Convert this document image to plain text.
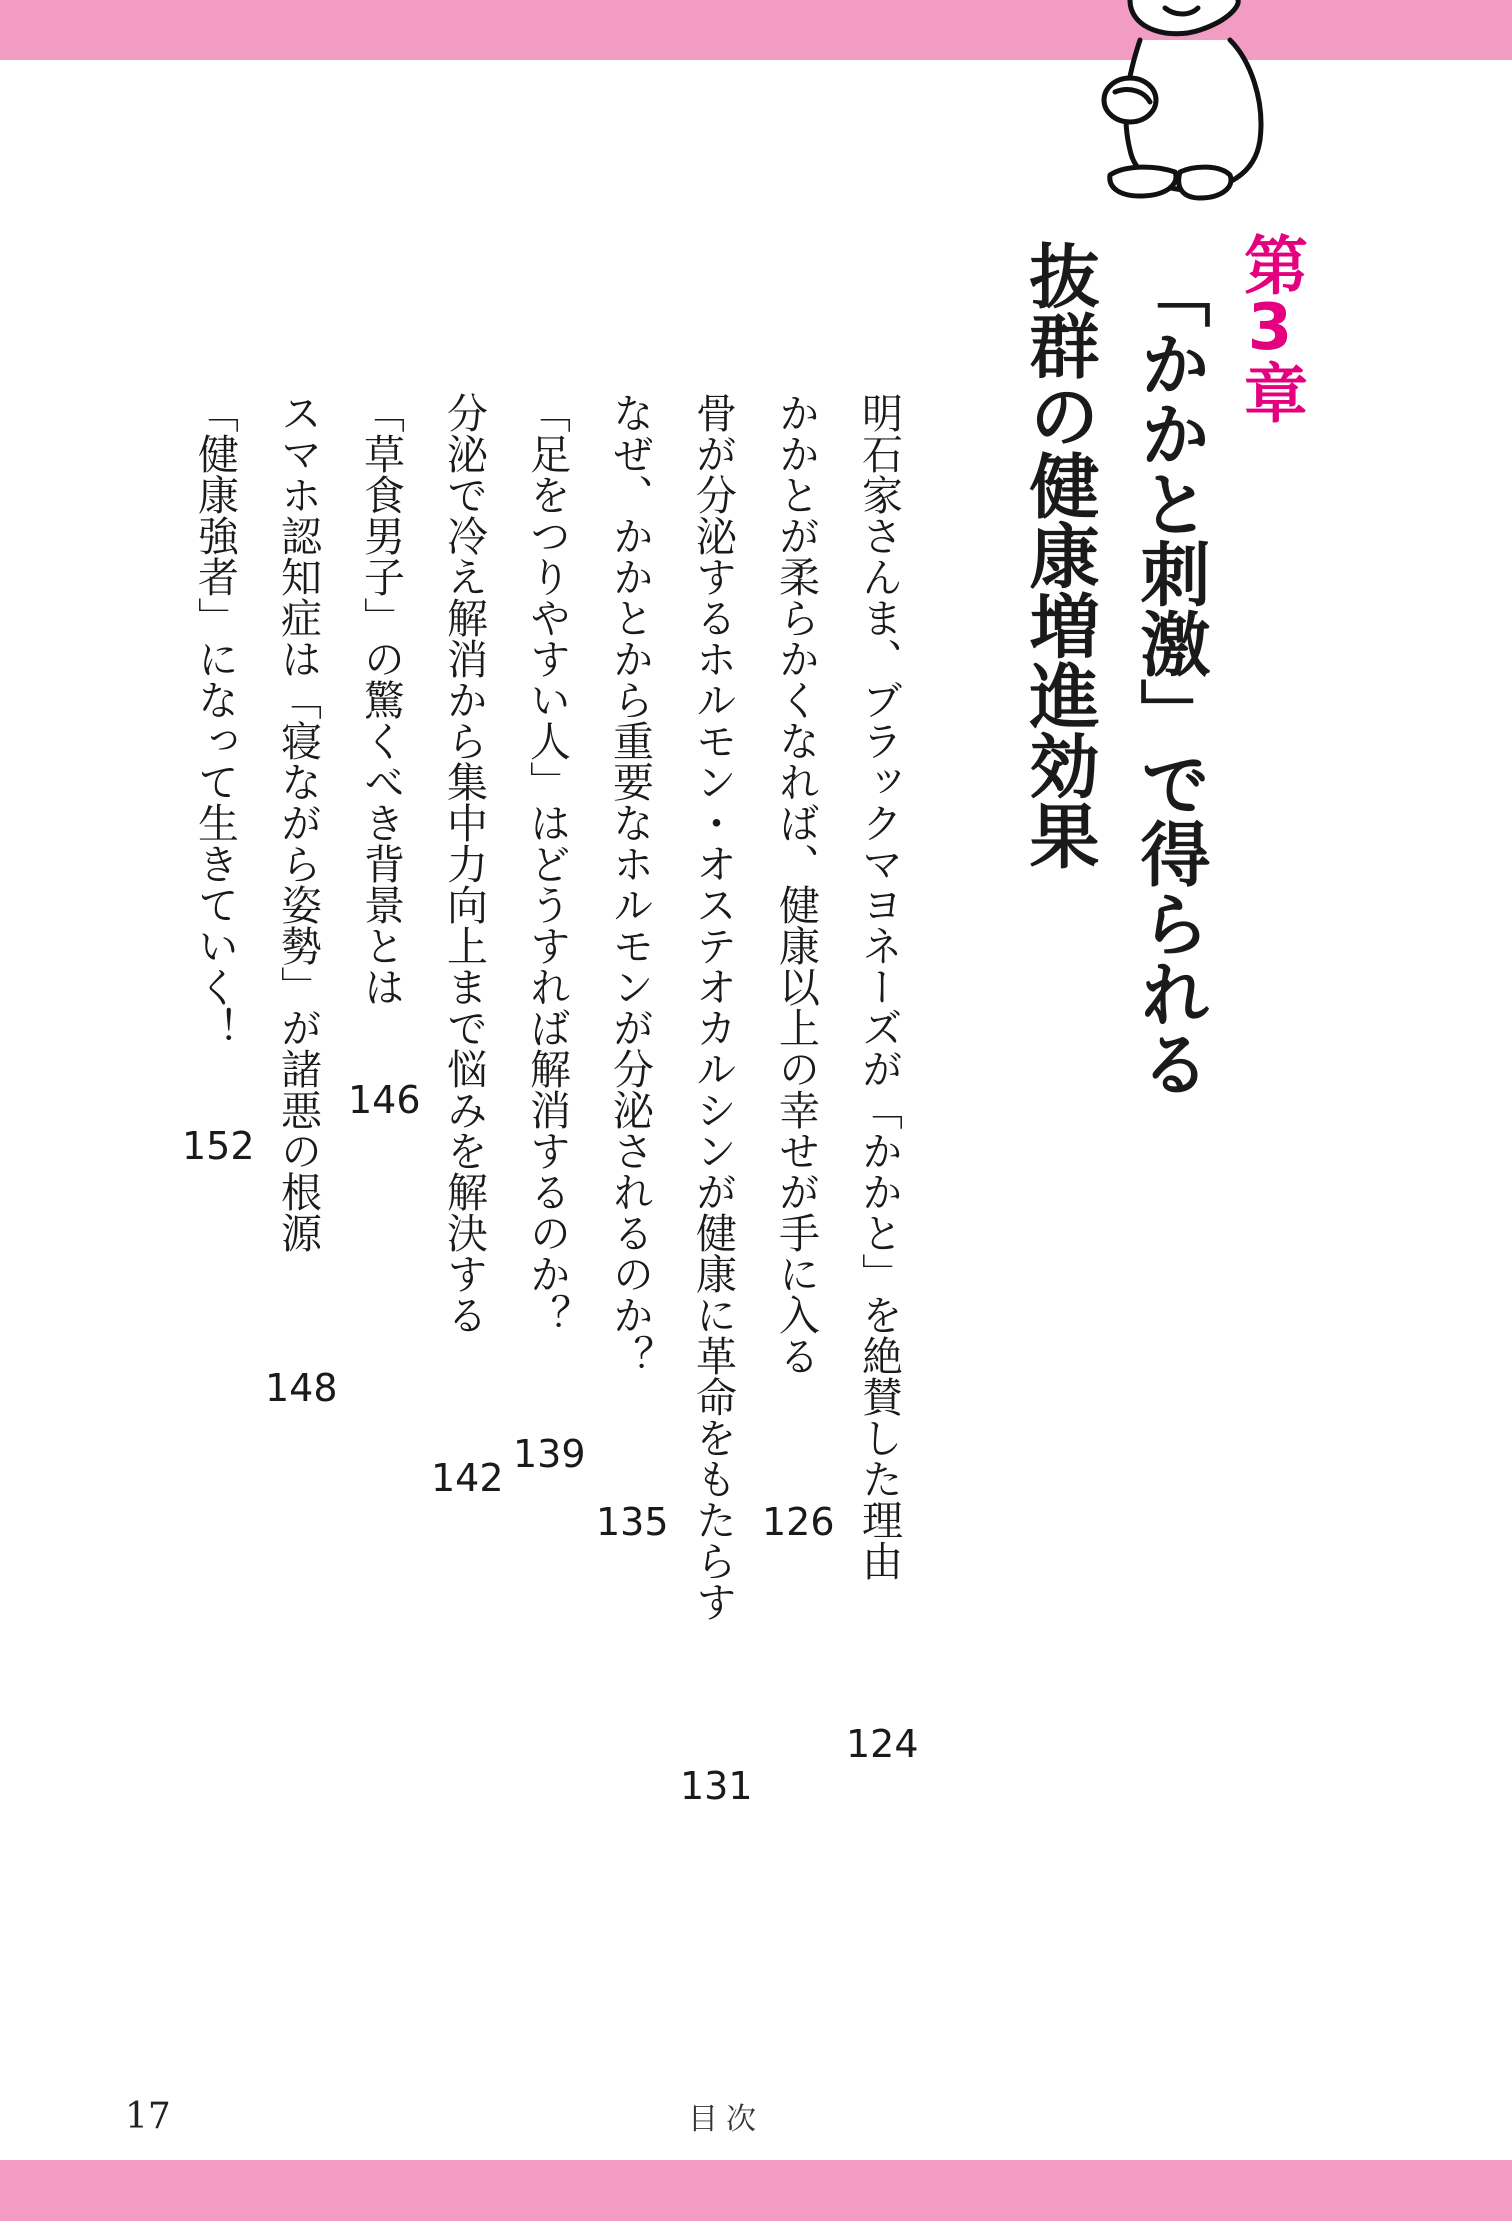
第3章
「かかと刺激」で得られる
抜群の健康増進効果
明石家さんま、ブラックマヨネーズが「かかと」を絶賛した理由
かかとが柔らかくなれば、健康以上の幸せが手に入る
骨が分泌するホルモン・オステオカルシンが健康に革命をもたらす
なぜ、かかとから重要なホルモンが分泌されるのか？
「足をつりやすい人」はどうすれば解消するのか？
分泌で冷え解消から集中力向上まで悩みを解決する
「草食男子」の驚くべき背景とは
スマホ認知症は「寝ながら姿勢」が諸悪の根源
「健康強者」になって生きていく！
124
126
131
135
139
142
146
148
152
17	目次
